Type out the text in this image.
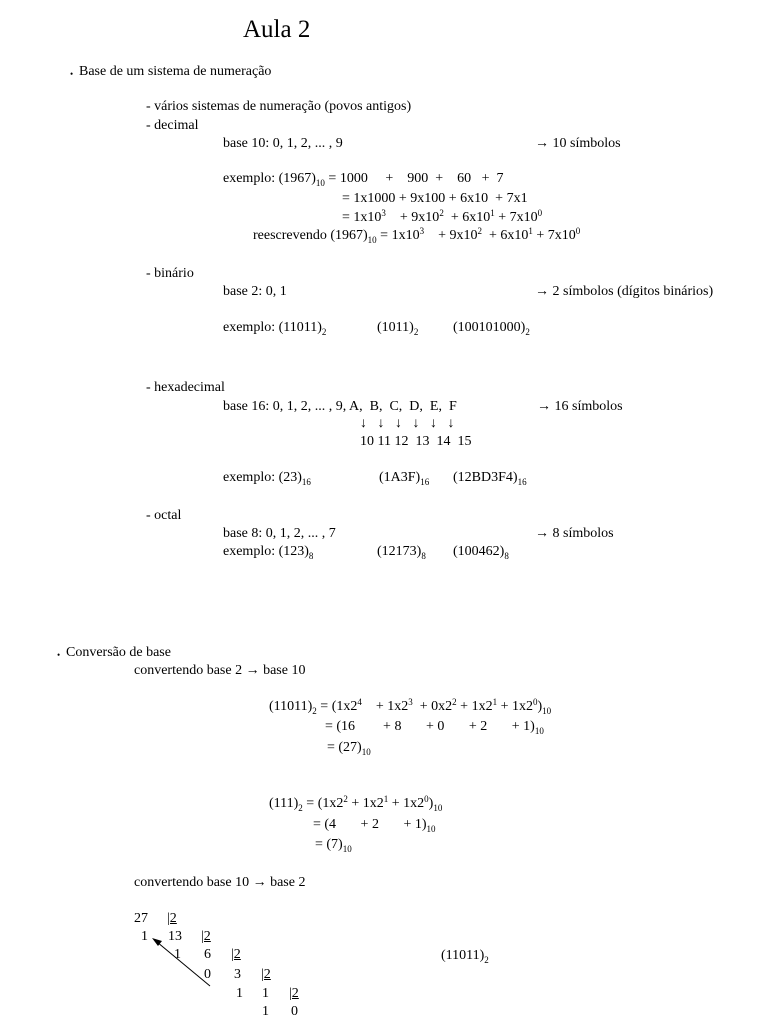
Aula 2
• Base de um sistema de numeração
- vários sistemas de numeração (povos antigos)
- decimal
base 10: 0, 1, 2, ... , 9	→ 10 símbolos
exemplo: $(1967)_{10} = 1000$     +    900  +    60   +  7
= 1x1000 + 9x100 + 6x10  + 7x1
= $1x10^3$    + $9x10^2 + 6x10^1 + 7x10^0$
reescrevendo $(1967)_{10} = 1x10^3$    + $9x10^2 + 6x10^1 + 7x10^0$
- binário
base 2: 0, 1	→ 2 símbolos (dígitos binários)
exemplo: $(11011)_2$	$(1011)_2$ $(100101000)_2$
- hexadecimal
base 16: 0, 1, 2, ... , 9, A,  B,  C,  D,  E,  F	→ 16 símbolos
↓   ↓   ↓   ↓   ↓   ↓
10 11 12  13  14  15
exemplo: $(23)_{16}$	$(1A3F)_{16}$ $(12BD3F4)_{16}$
- octal
base 8: 0, 1, 2, ... , 7	→ 8 símbolos
exemplo: $(123)_8$	$(12173)_8$ $(100462)_8$
• Conversão de base
convertendo base 2 → base 10
$(11011)_2 = (1x2^4$    + $1x2^3 + 0x2^2 + 1x2^1 + 1x2^0)_{10}$
= (16        + 8       + 0       + 2       + $1)_{10}$
= $(27)_{10}$
$(111)_2 = (1x2^2 + 1x2^1 + 1x2^0)_{10}$
= (4       + 2       + $1)_{10}$
= $(7)_{10}$
convertendo base 10 → base 2
27 |2
1 13 |2
1 6 |2
0 3 |2
1 1 |2
1 0
$(11011)_2$
